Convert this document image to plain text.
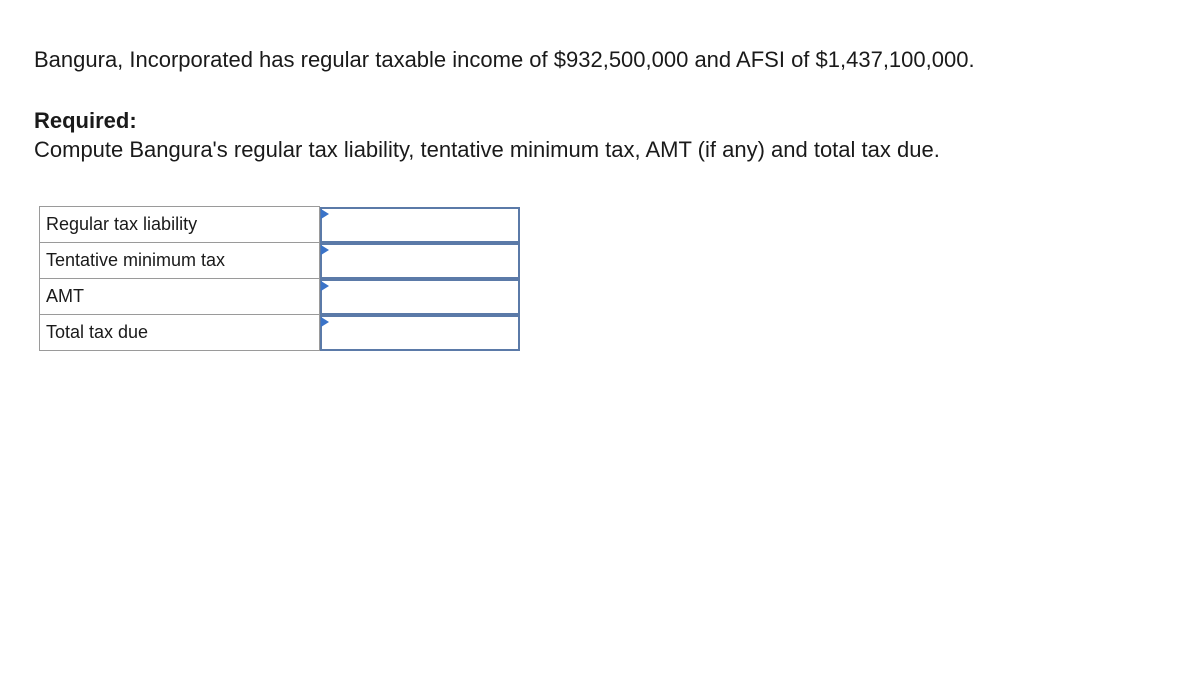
Bangura, Incorporated has regular taxable income of $932,500,000 and AFSI of $1,437,100,000.

Required:

Compute Bangura's regular tax liability, tentative minimum tax, AMT (if any) and total tax due.

Regular tax liability	

Tentative minimum tax	

AMT	

Total tax due	
